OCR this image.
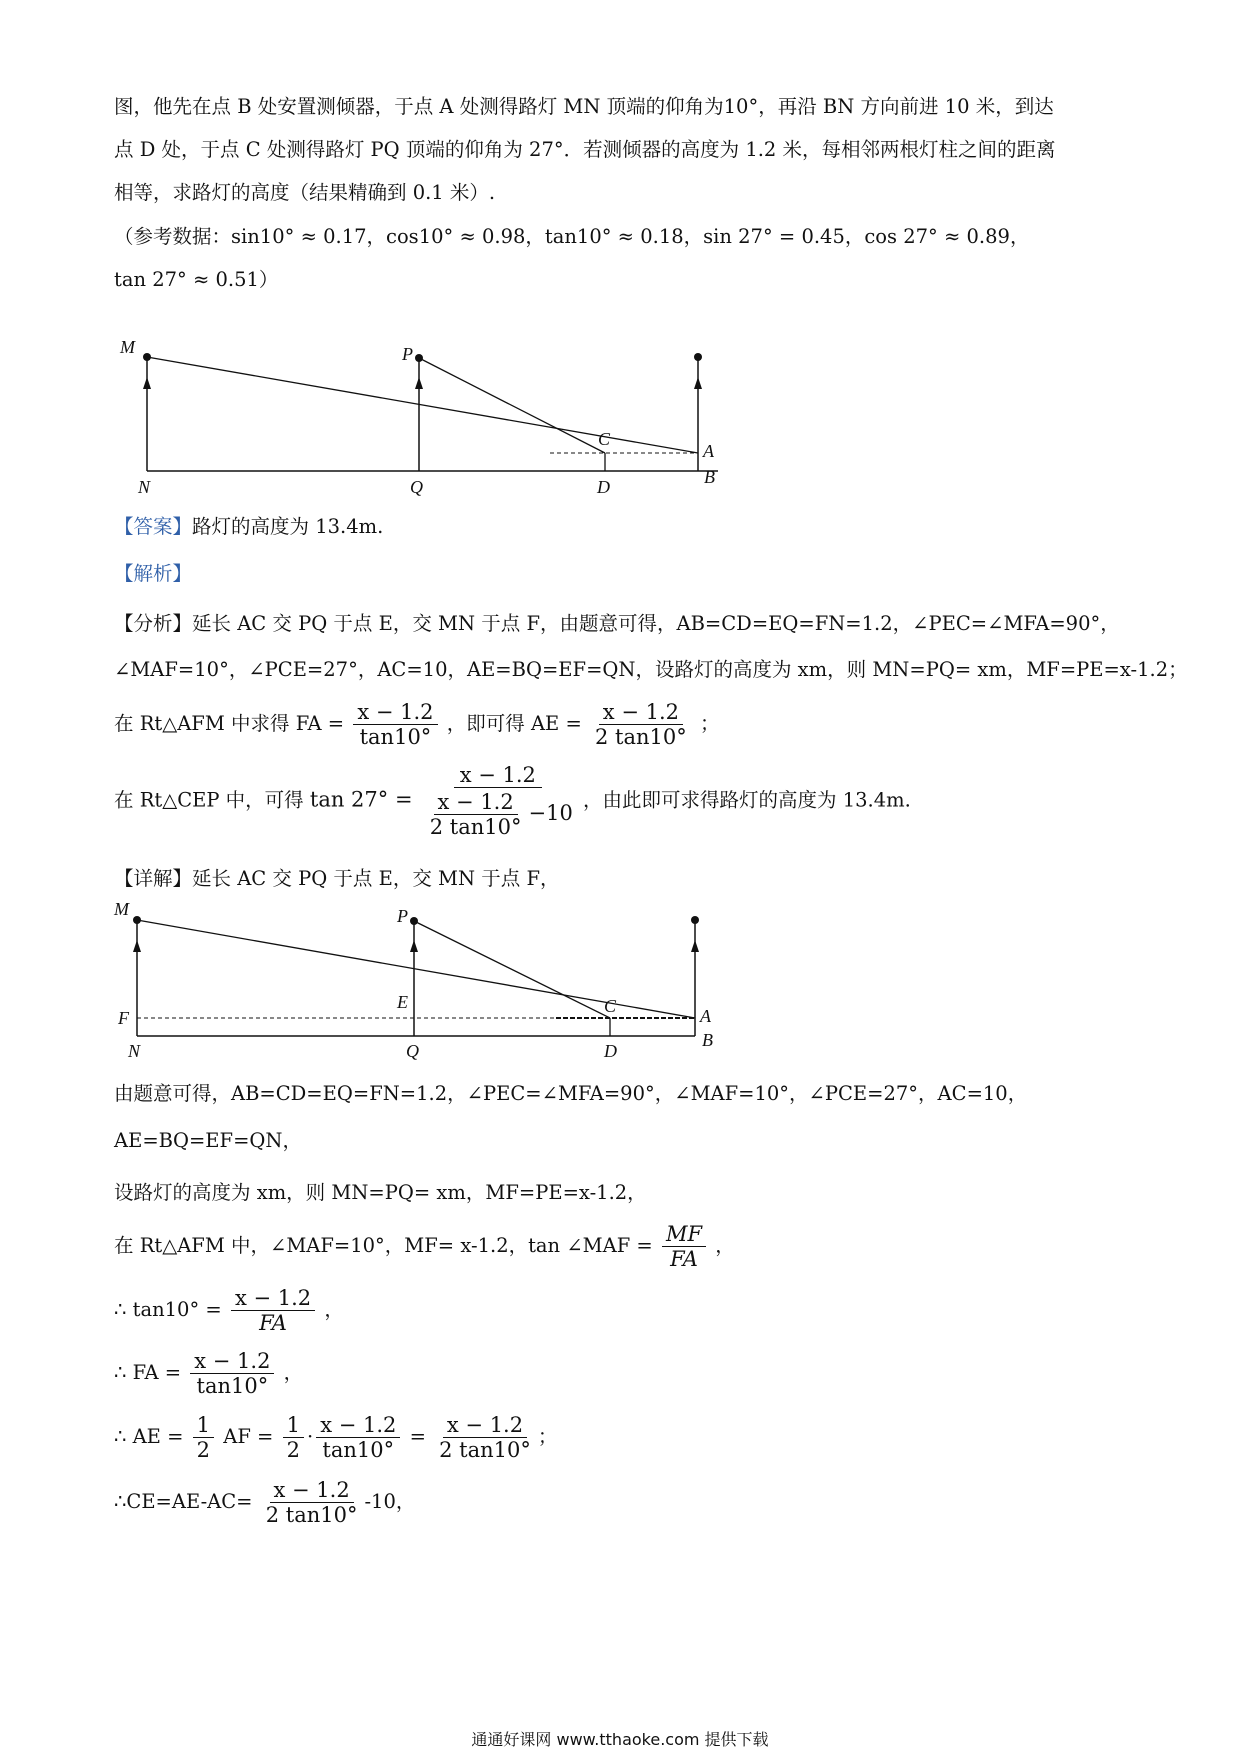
图，他先在点 B 处安置测倾器，于点 A 处测得路灯 MN 顶端的仰角为10°，再沿 BN 方向前进 10 米，到达
点 D 处，于点 C 处测得路灯 PQ 顶端的仰角为 27°．若测倾器的高度为 1.2 米，每相邻两根灯柱之间的距离
相等，求路灯的高度（结果精确到 0.1 米）.
（参考数据：sin10° ≈ 0.17，cos10° ≈ 0.98，tan10° ≈ 0.18，sin 27° = 0.45，cos 27° ≈ 0.89，
tan 27° ≈ 0.51）
M	P
C
A
N	Q	D	B
【答案】路灯的高度为 13.4m.
【解析】
【分析】延长 AC 交 PQ 于点 E，交 MN 于点 F，由题意可得，AB=CD=EQ=FN=1.2，∠PEC=∠MFA=90°，
∠MAF=10°，∠PCE=27°，AC=10，AE=BQ=EF=QN，设路灯的高度为 xm，则 MN=PQ= xm，MF=PE=x-1.2；
在 Rt△AFM 中求得 FA = $\frac{x - 1.2}{\tan 10^\circ}$ ，即可得 AE = $\frac{x - 1.2}{2 \tan 10^\circ}$ ；
在 Rt△CEP 中，可得 $\tan 27^\circ = \frac{x - 1.2}{\frac{x - 1.2}{2 \tan 10^\circ} -10}$ ，由此即可求得路灯的高度为 13.4m.
【详解】延长 AC 交 PQ 于点 E，交 MN 于点 F，
M	P
F
E	C	A
N	Q	D
B
由题意可得，AB=CD=EQ=FN=1.2，∠PEC=∠MFA=90°，∠MAF=10°，∠PCE=27°，AC=10，
AE=BQ=EF=QN，
设路灯的高度为 xm，则 MN=PQ= xm，MF=PE=x-1.2，
在 Rt△AFM 中，∠MAF=10°，MF= x-1.2，tan ∠MAF = $\frac{MF}{FA}$ ，
∴ $\tan 10^\circ = \frac{x - 1.2}{FA}$ ，
∴ FA = $\frac{x - 1.2}{\tan 10^\circ}$ ，
∴ AE = $\frac{1}{2}$ AF = $\frac{1}{2} \cdot \frac{x - 1.2}{\tan 10^\circ} = \frac{x - 1.2}{2 \tan 10^\circ}$ ；
∴CE=AE-AC= $\frac{x - 1.2}{2 \tan 10^\circ} -10$，
通通好课网 www.tthaoke.com 提供下载
